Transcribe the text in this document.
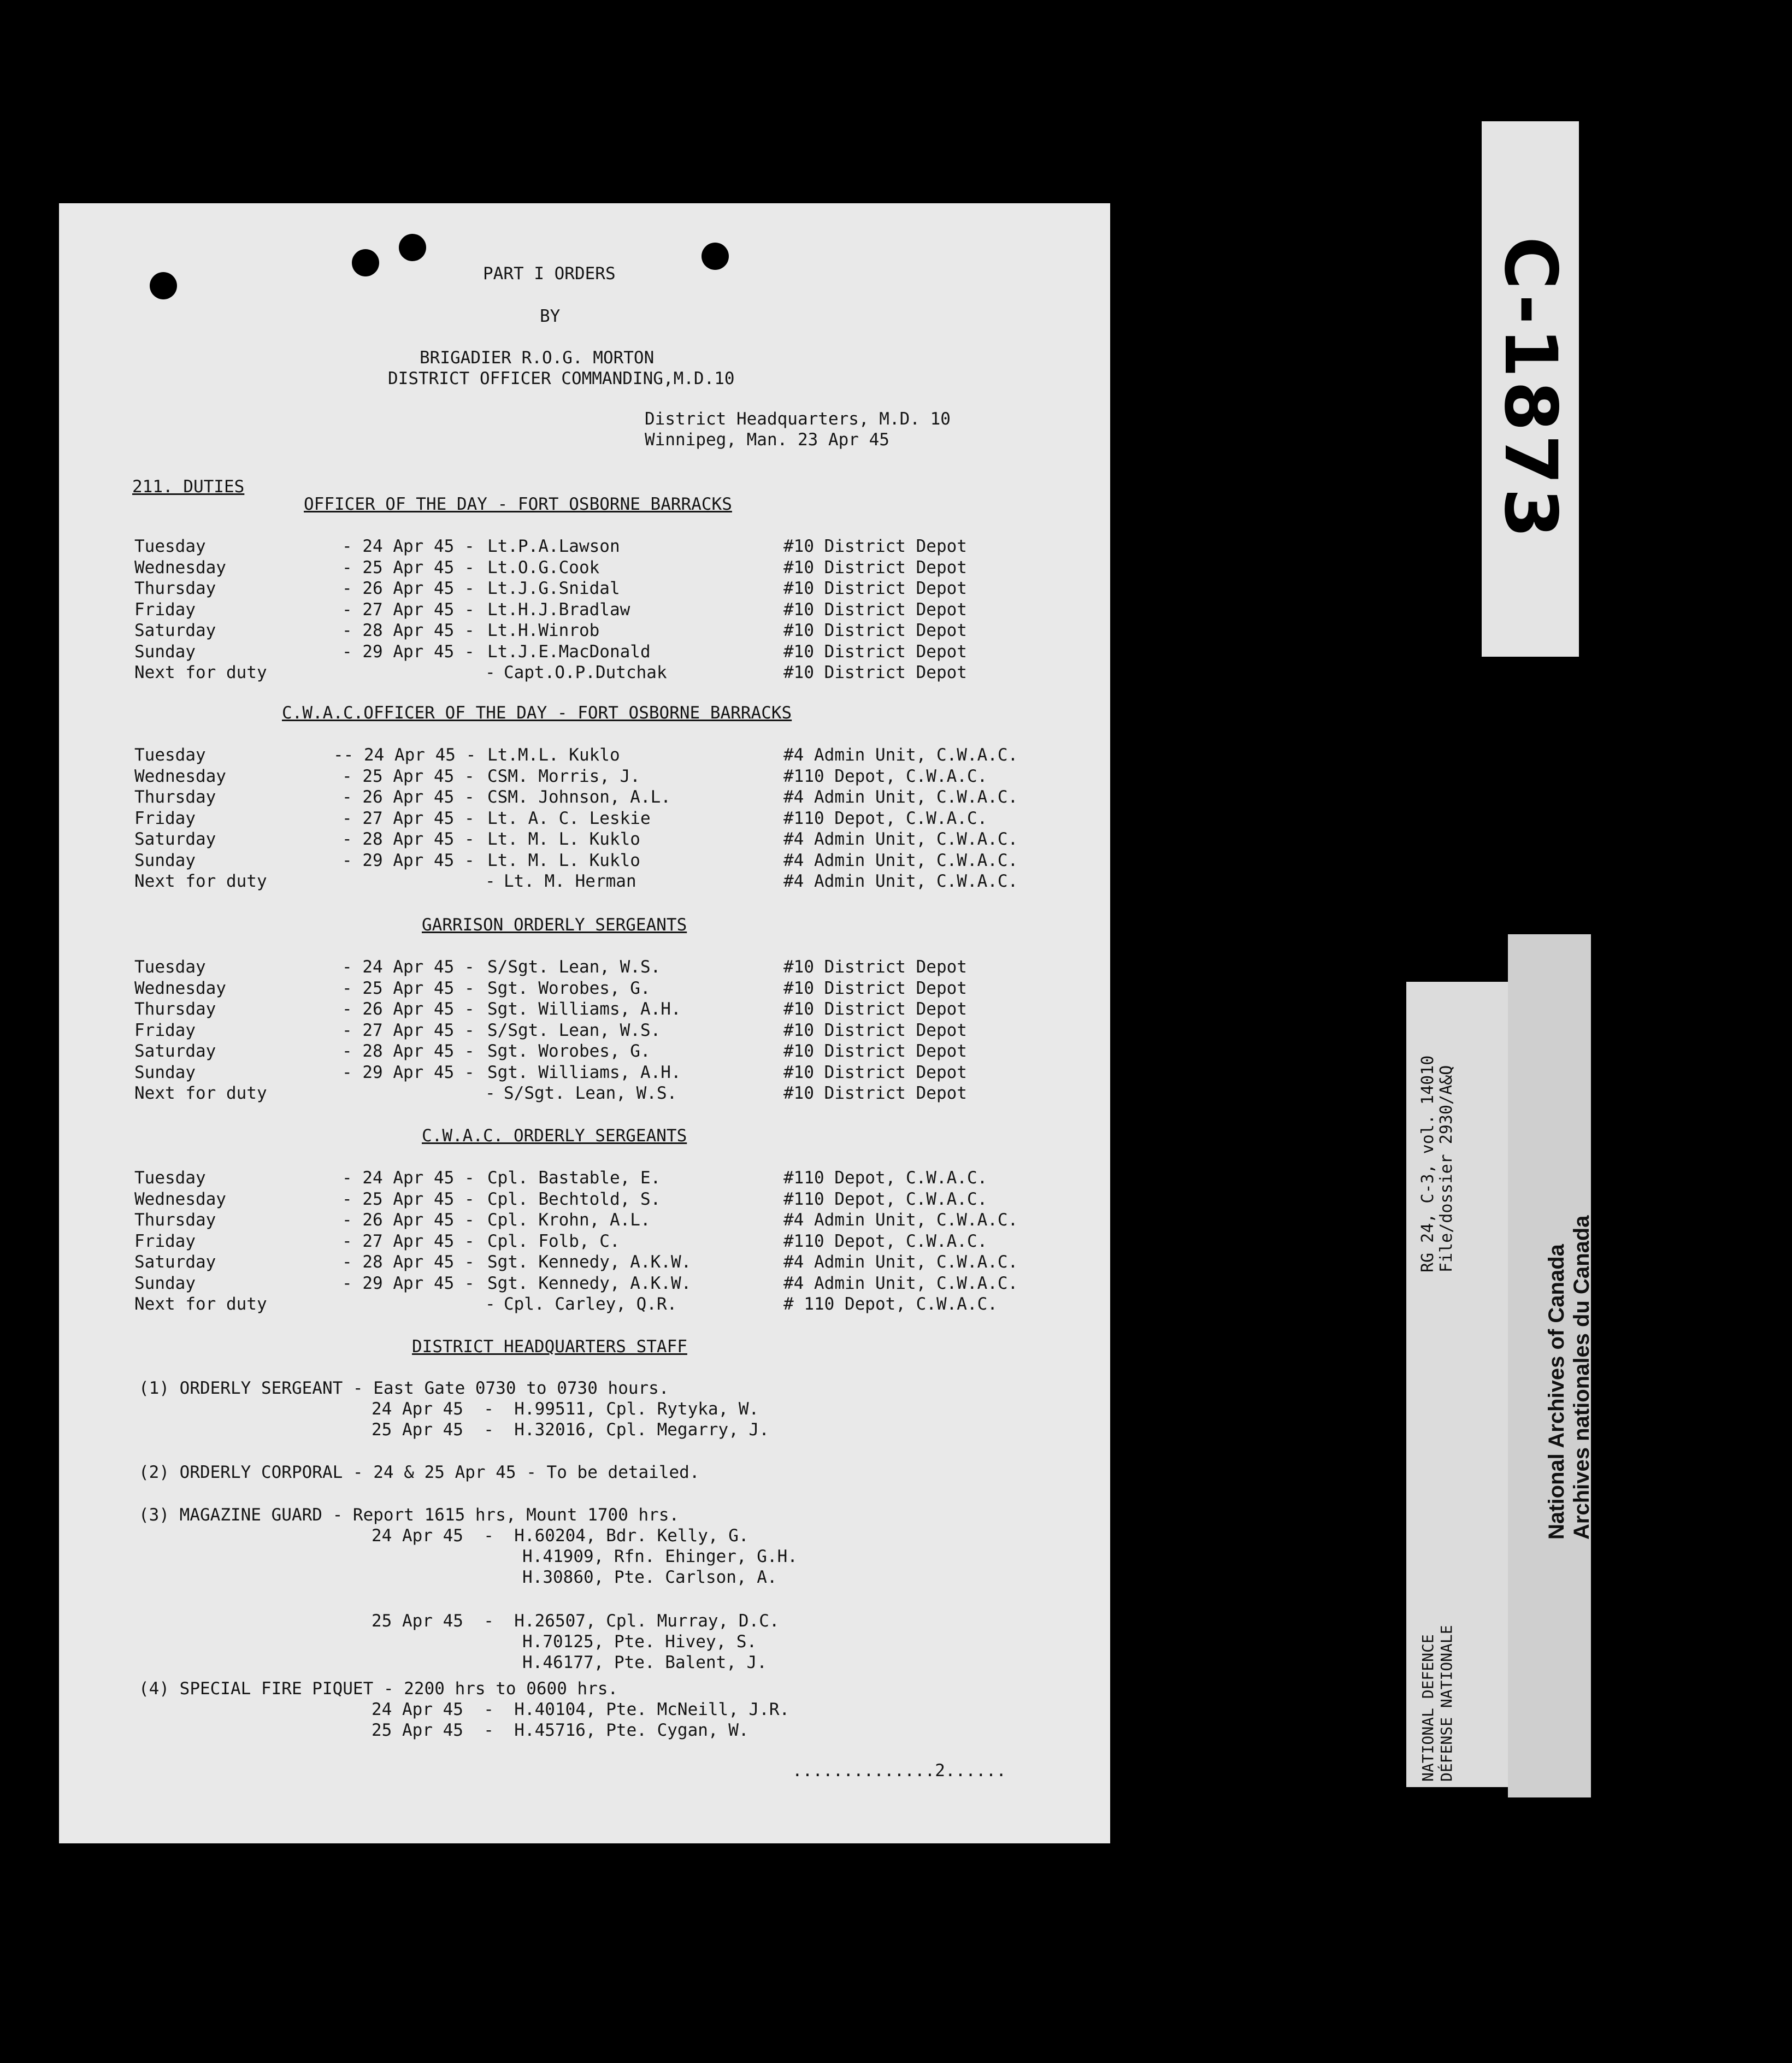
PART I ORDERS
BY
BRIGADIER R.O.G. MORTON
DISTRICT OFFICER COMMANDING,M.D.10
District Headquarters, M.D. 10
Winnipeg, Man. 23 Apr 45
211. DUTIES
OFFICER OF THE DAY - FORT OSBORNE BARRACKS
Tuesday	- 24 Apr 45 - Lt.P.A.Lawson	#10 District Depot
Wednesday	- 25 Apr 45 - Lt.O.G.Cook	#10 District Depot
Thursday	- 26 Apr 45 - Lt.J.G.Snidal	#10 District Depot
Friday	- 27 Apr 45 - Lt.H.J.Bradlaw	#10 District Depot
Saturday	- 28 Apr 45 - Lt.H.Winrob	#10 District Depot
Sunday	- 29 Apr 45 - Lt.J.E.MacDonald	#10 District Depot
Next for duty	- Capt.O.P.Dutchak	#10 District Depot
C.W.A.C.OFFICER OF THE DAY - FORT OSBORNE BARRACKS
Tuesday	-- 24 Apr 45 - Lt.M.L. Kuklo	#4 Admin Unit, C.W.A.C.
Wednesday	- 25 Apr 45 - CSM. Morris, J.	#110 Depot, C.W.A.C.
Thursday	- 26 Apr 45 - CSM. Johnson, A.L.	#4 Admin Unit, C.W.A.C.
Friday	- 27 Apr 45 - Lt. A. C. Leskie	#110 Depot, C.W.A.C.
Saturday	- 28 Apr 45 - Lt. M. L. Kuklo	#4 Admin Unit, C.W.A.C.
Sunday	- 29 Apr 45 - Lt. M. L. Kuklo	#4 Admin Unit, C.W.A.C.
Next for duty	- Lt. M. Herman	#4 Admin Unit, C.W.A.C.
GARRISON ORDERLY SERGEANTS
Tuesday	- 24 Apr 45 - S/Sgt. Lean, W.S.	#10 District Depot
Wednesday	- 25 Apr 45 - Sgt. Worobes, G.	#10 District Depot
Thursday	- 26 Apr 45 - Sgt. Williams, A.H.	#10 District Depot
Friday	- 27 Apr 45 - S/Sgt. Lean, W.S.	#10 District Depot
Saturday	- 28 Apr 45 - Sgt. Worobes, G.	#10 District Depot
Sunday	- 29 Apr 45 - Sgt. Williams, A.H.	#10 District Depot
Next for duty	- S/Sgt. Lean, W.S.	#10 District Depot
C.W.A.C. ORDERLY SERGEANTS
Tuesday	- 24 Apr 45 - Cpl. Bastable, E.	#110 Depot, C.W.A.C.
Wednesday	- 25 Apr 45 - Cpl. Bechtold, S.	#110 Depot, C.W.A.C.
Thursday	- 26 Apr 45 - Cpl. Krohn, A.L.	#4 Admin Unit, C.W.A.C.
Friday	- 27 Apr 45 - Cpl. Folb, C.	#110 Depot, C.W.A.C.
Saturday	- 28 Apr 45 - Sgt. Kennedy, A.K.W.	#4 Admin Unit, C.W.A.C.
Sunday	- 29 Apr 45 - Sgt. Kennedy, A.K.W.	#4 Admin Unit, C.W.A.C.
Next for duty	- Cpl. Carley, Q.R.	# 110 Depot, C.W.A.C.
DISTRICT HEADQUARTERS STAFF
(1) ORDERLY SERGEANT - East Gate 0730 to 0730 hours.
24 Apr 45  -  H.99511, Cpl. Rytyka, W.
25 Apr 45  -  H.32016, Cpl. Megarry, J.
(2) ORDERLY CORPORAL - 24 & 25 Apr 45 - To be detailed.
(3) MAGAZINE GUARD - Report 1615 hrs, Mount 1700 hrs.
24 Apr 45  -  H.60204, Bdr. Kelly, G.
H.41909, Rfn. Ehinger, G.H.
H.30860, Pte. Carlson, A.
25 Apr 45  -  H.26507, Cpl. Murray, D.C.
H.70125, Pte. Hivey, S.
H.46177, Pte. Balent, J.
(4) SPECIAL FIRE PIQUET - 2200 hrs to 0600 hrs.
24 Apr 45  -  H.40104, Pte. McNeill, J.R.
25 Apr 45  -  H.45716, Pte. Cygan, W.
..............2......
C-1873
RG 24, C-3, vol. 14010 File/dossier 2930/A&Q
NATIONAL DEFENCE DÉFENSE NATIONALE
National Archives of Canada Archives nationales du Canada
